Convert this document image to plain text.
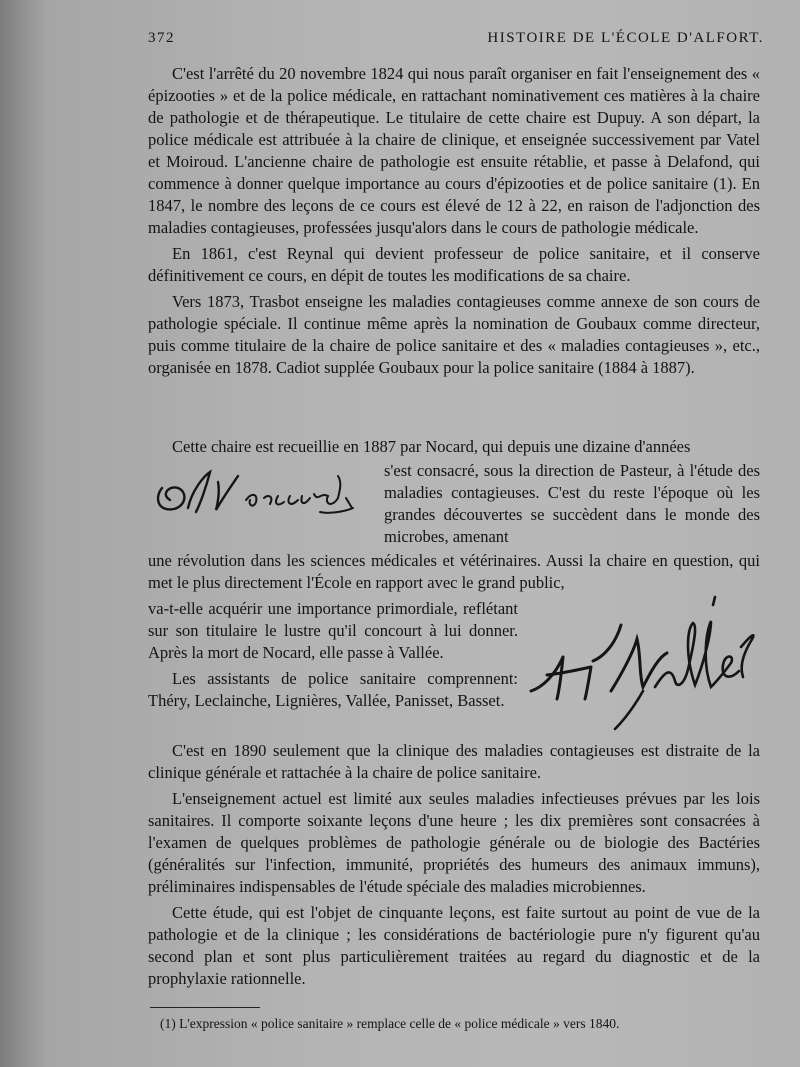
372	HISTOIRE DE L'ÉCOLE D'ALFORT.
C'est l'arrêté du 20 novembre 1824 qui nous paraît organiser en fait l'enseignement des « épizooties » et de la police médicale, en rattachant nominativement ces matières à la chaire de pathologie et de thérapeutique. Le titulaire de cette chaire est Dupuy. A son départ, la police médicale est attribuée à la chaire de clinique, et enseignée successivement par Vatel et Moiroud. L'ancienne chaire de pathologie est ensuite rétablie, et passe à Delafond, qui commence à donner quelque importance au cours d'épizooties et de police sanitaire (1). En 1847, le nombre des leçons de ce cours est élevé de 12 à 22, en raison de l'adjonction des maladies contagieuses, professées jusqu'alors dans le cours de pathologie médicale.
En 1861, c'est Reynal qui devient professeur de police sanitaire, et il conserve définitivement ce cours, en dépit de toutes les modifications de sa chaire.
Vers 1873, Trasbot enseigne les maladies contagieuses comme annexe de son cours de pathologie spéciale. Il continue même après la nomination de Goubaux comme directeur, puis comme titulaire de la chaire de police sanitaire et des « maladies contagieuses », etc., organisée en 1878. Cadiot supplée Goubaux pour la police sanitaire (1884 à 1887).
Cette chaire est recueillie en 1887 par Nocard, qui depuis une dizaine d'années
s'est consacré, sous la direction de Pasteur, à l'étude des maladies contagieuses. C'est du reste l'époque où les grandes découvertes se succèdent dans le monde des microbes, amenant
une révolution dans les sciences médicales et vétérinaires. Aussi la chaire en question, qui met le plus directement l'École en rapport avec le grand public,
va-t-elle acquérir une importance primordiale, reflétant sur son titulaire le lustre qu'il concourt à lui donner. Après la mort de Nocard, elle passe à Vallée.
Les assistants de police sanitaire comprennent: Théry, Leclainche, Lignières, Vallée, Panisset, Basset.
C'est en 1890 seulement que la clinique des maladies contagieuses est distraite de la clinique générale et rattachée à la chaire de police sanitaire.
L'enseignement actuel est limité aux seules maladies infectieuses prévues par les lois sanitaires. Il comporte soixante leçons d'une heure ; les dix premières sont consacrées à l'examen de quelques problèmes de pathologie générale ou de biologie des Bactéries (généralités sur l'infection, immunité, propriétés des humeurs des animaux immuns), préliminaires indispensables de l'étude spéciale des maladies microbiennes.
Cette étude, qui est l'objet de cinquante leçons, est faite surtout au point de vue de la pathologie et de la clinique ; les considérations de bactériologie pure n'y figurent qu'au second plan et sont plus particulièrement traitées au regard du diagnostic et de la prophylaxie rationnelle.
(1) L'expression « police sanitaire » remplace celle de « police médicale » vers 1840.
